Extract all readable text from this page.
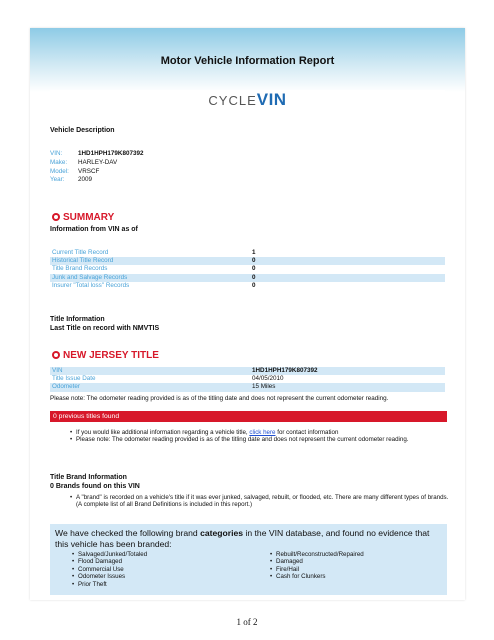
Motor Vehicle Information Report
CYCLEVIN
Vehicle Description
VIN:	1HD1HPH179K807392
Make: HARLEY-DAV
Model: VRSCF
Year: 2009
SUMMARY
Information from VIN as of
Current Title Record	1
Historical Title Record	0
Title Brand Records	0
Junk and Salvage Records	0
Insurer "Total loss" Records	0
Title Information
Last Title on record with NMVTIS
NEW JERSEY TITLE
VIN	1HD1HPH179K807392
Title Issue Date	04/05/2010
Odometer	15 Miles
Please note: The odometer reading provided is as of the titling date and does not represent the current odometer reading.
0 previous titles found
• If you would like additional information regarding a vehicle title, click here for contact information
• Please note: The odometer reading provided is as of the titling date and does not represent the current odometer reading.
Title Brand Information
0 Brands found on this VIN
• A "brand" is recorded on a vehicle's title if it was ever junked, salvaged, rebuilt, or flooded, etc. There are many different types of brands. (A complete list of all Brand Definitions is included in this report.)
We have checked the following brand categories in the VIN database, and found no evidence that this vehicle has been branded:
• Salvaged/Junked/Totaled
• Flood Damaged
• Commercial Use
• Odometer Issues
• Prior Theft
• Rebuilt/Reconstructed/Repaired
• Damaged
• Fire/Hail
• Cash for Clunkers
1 of 2
